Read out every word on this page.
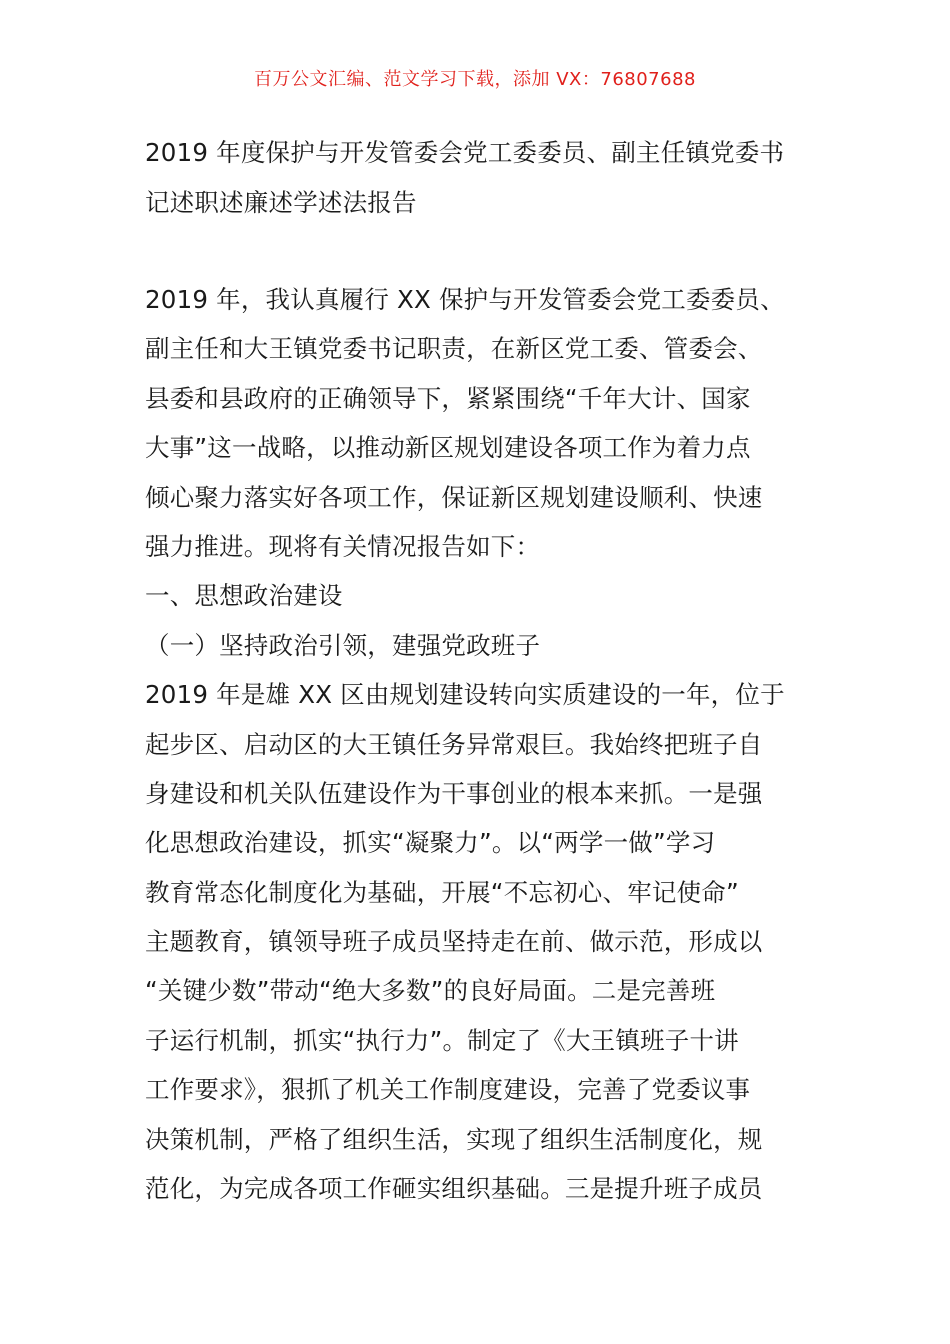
百万公文汇编、范文学习下载，添加 VX：76807688
2019 年度保护与开发管委会党工委委员、副主任镇党委书
记述职述廉述学述法报告
2019 年，我认真履行 XX 保护与开发管委会党工委委员、
副主任和大王镇党委书记职责，在新区党工委、管委会、
县委和县政府的正确领导下，紧紧围绕“千年大计、国家
大事”这一战略，以推动新区规划建设各项工作为着力点
倾心聚力落实好各项工作，保证新区规划建设顺利、快速
强力推进。现将有关情况报告如下：
一、思想政治建设
（一）坚持政治引领，建强党政班子
2019 年是雄 XX 区由规划建设转向实质建设的一年，位于
起步区、启动区的大王镇任务异常艰巨。我始终把班子自
身建设和机关队伍建设作为干事创业的根本来抓。一是强
化思想政治建设，抓实“凝聚力”。以“两学一做”学习
教育常态化制度化为基础，开展“不忘初心、牢记使命”
主题教育，镇领导班子成员坚持走在前、做示范，形成以
“关键少数”带动“绝大多数”的良好局面。二是完善班
子运行机制，抓实“执行力”。制定了《大王镇班子十讲
工作要求》，狠抓了机关工作制度建设，完善了党委议事
决策机制，严格了组织生活，实现了组织生活制度化，规
范化，为完成各项工作砸实组织基础。三是提升班子成员
